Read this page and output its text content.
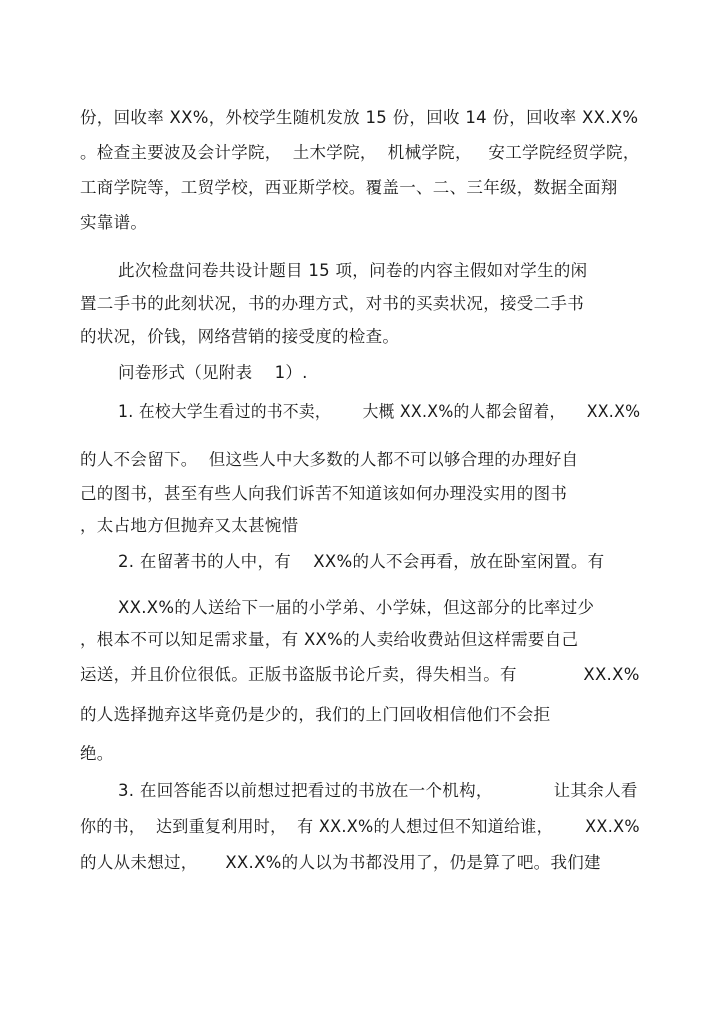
份，回收率 XX%，外校学生随机发放 15 份，回收 14 份，回收率 XX.X%
。检查主要波及会计学院，  土木学院，  机械学院，   安工学院经贸学院，
工商学院等，工贸学校，西亚斯学校。覆盖一、二、三年级，数据全面翔
实靠谱。
此次检盘问卷共设计题目 15 项，问卷的内容主假如对学生的闲
置二手书的此刻状况，书的办理方式，对书的买卖状况，接受二手书
的状况，价钱，网络营销的接受度的检查。
问卷形式（见附表    1）.
1. 在校大学生看过的书不卖，      大概 XX.X%的人都会留着，    XX.X%
的人不会留下。  但这些人中大多数的人都不可以够合理的办理好自
己的图书，甚至有些人向我们诉苦不知道该如何办理没实用的图书
，太占地方但抛弃又太甚惋惜
2. 在留著书的人中，有    XX%的人不会再看，放在卧室闲置。有
XX.X%的人送给下一届的小学弟、小学妹，但这部分的比率过少
，根本不可以知足需求量，有 XX%的人卖给收费站但这样需要自己
运送，并且价位很低。正版书盗版书论斤卖，得失相当。有            XX.X%
的人选择抛弃这毕竟仍是少的，我们的上门回收相信他们不会拒
绝。
3. 在回答能否以前想过把看过的书放在一个机构，           让其余人看
你的书，  达到重复利用时，  有 XX.X%的人想过但不知道给谁，      XX.X%
的人从未想过，     XX.X%的人以为书都没用了，仍是算了吧。我们建
